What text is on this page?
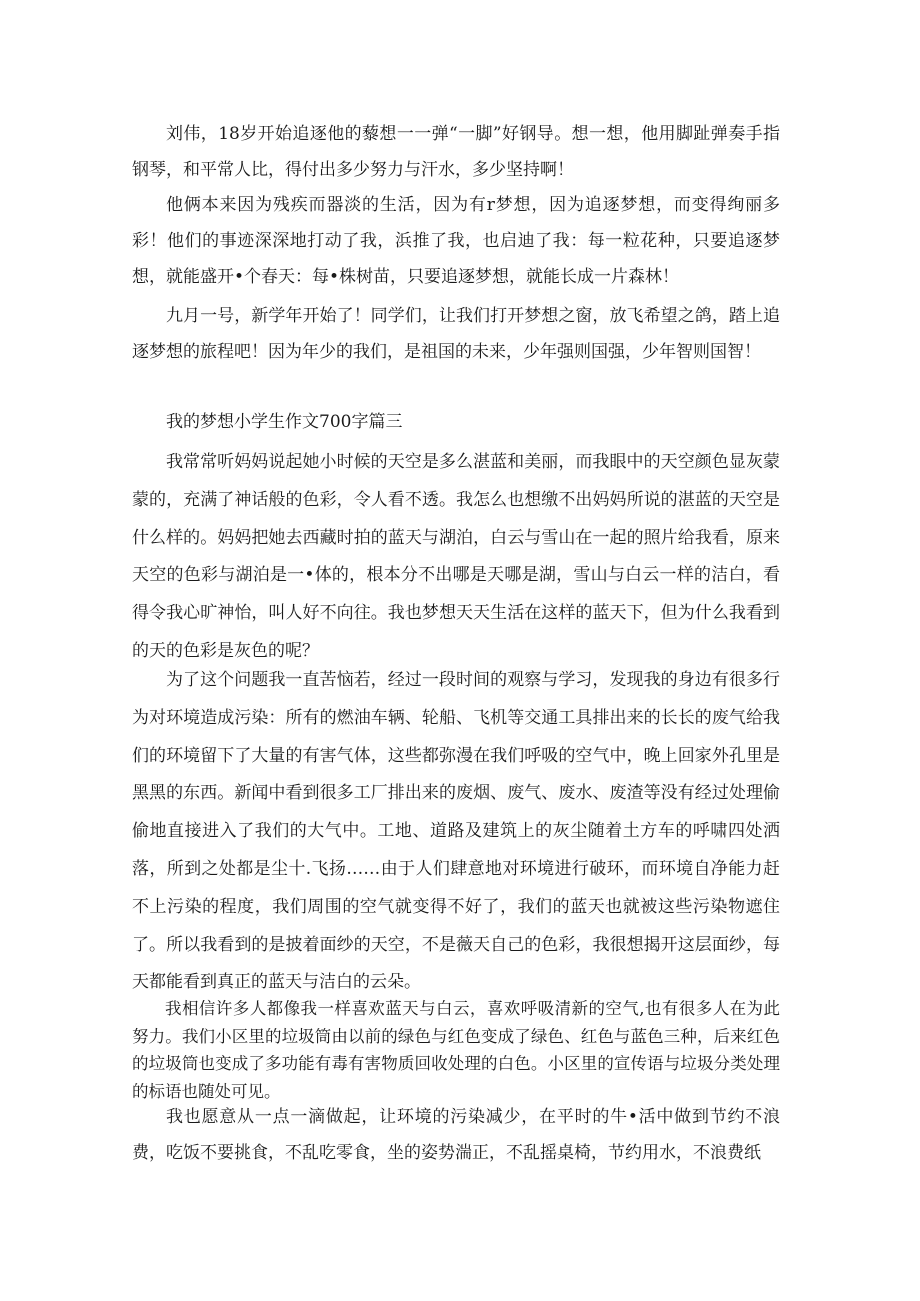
刘伟，18岁开始追逐他的藜想一一弹“一脚”好钢导。想一想，他用脚趾弹奏手指钢琴，和平常人比，得付出多少努力与汗水，多少坚持啊！

他俩本来因为残疾而器淡的生活，因为有r梦想，因为追逐梦想，而变得绚丽多彩！他们的事迹深深地打动了我，浜推了我，也启迪了我：每一粒花种，只要追逐梦想，就能盛开•个春天：每•株树苗，只要追逐梦想，就能长成一片森林！

九月一号，新学年开始了！同学们，让我们打开梦想之窗，放飞希望之鸽，踏上追逐梦想的旅程吧！因为年少的我们，是祖国的未来，少年强则国强，少年智则国智！

我的梦想小学生作文700字篇三

我常常听妈妈说起她小时候的天空是多么湛蓝和美丽，而我眼中的天空颜色显灰蒙蒙的，充满了神话般的色彩，令人看不透。我怎么也想缴不出妈妈所说的湛蓝的天空是什么样的。妈妈把她去西藏时拍的蓝天与湖泊，白云与雪山在一起的照片给我看，原来天空的色彩与湖泊是一•体的，根本分不出哪是天哪是湖，雪山与白云一样的洁白，看得令我心旷神怡，叫人好不向往。我也梦想天天生活在这样的蓝天下，但为什么我看到的天的色彩是灰色的呢？

为了这个问题我一直苦恼若，经过一段时间的观察与学习，发现我的身边有很多行为对环境造成污染：所有的燃油车辆、轮船、飞机等交通工具排出来的长长的废气给我们的环境留下了大量的有害气体，这些都弥漫在我们呼吸的空气中，晚上回家外孔里是黑黑的东西。新闻中看到很多工厂排出来的废烟、废气、废水、废渣等没有经过处理偷偷地直接进入了我们的大气中。工地、道路及建筑上的灰尘随着土方车的呼啸四处洒落，所到之处都是尘十.飞扬……由于人们肆意地对环境进行破环，而环境自净能力赶不上污染的程度，我们周围的空气就变得不好了，我们的蓝天也就被这些污染物遮住了。所以我看到的是披着面纱的天空，不是薇天自己的色彩，我很想揭开这层面纱，每天都能看到真正的蓝天与洁白的云朵。

我相信许多人都像我一样喜欢蓝天与白云，喜欢呼吸清新的空气,也有很多人在为此努力。我们小区里的垃圾筒由以前的绿色与红色变成了绿色、红色与蓝色三种，后来红色的垃圾筒也变成了多功能有毒有害物质回收处理的白色。小区里的宣传语与垃圾分类处理的标语也随处可见。

我也愿意从一点一滴做起，让环境的污染减少，在平时的牛•活中做到节约不浪费，吃饭不要挑食，不乱吃零食，坐的姿势湍正，不乱摇桌椅，节约用水，不浪费纸
